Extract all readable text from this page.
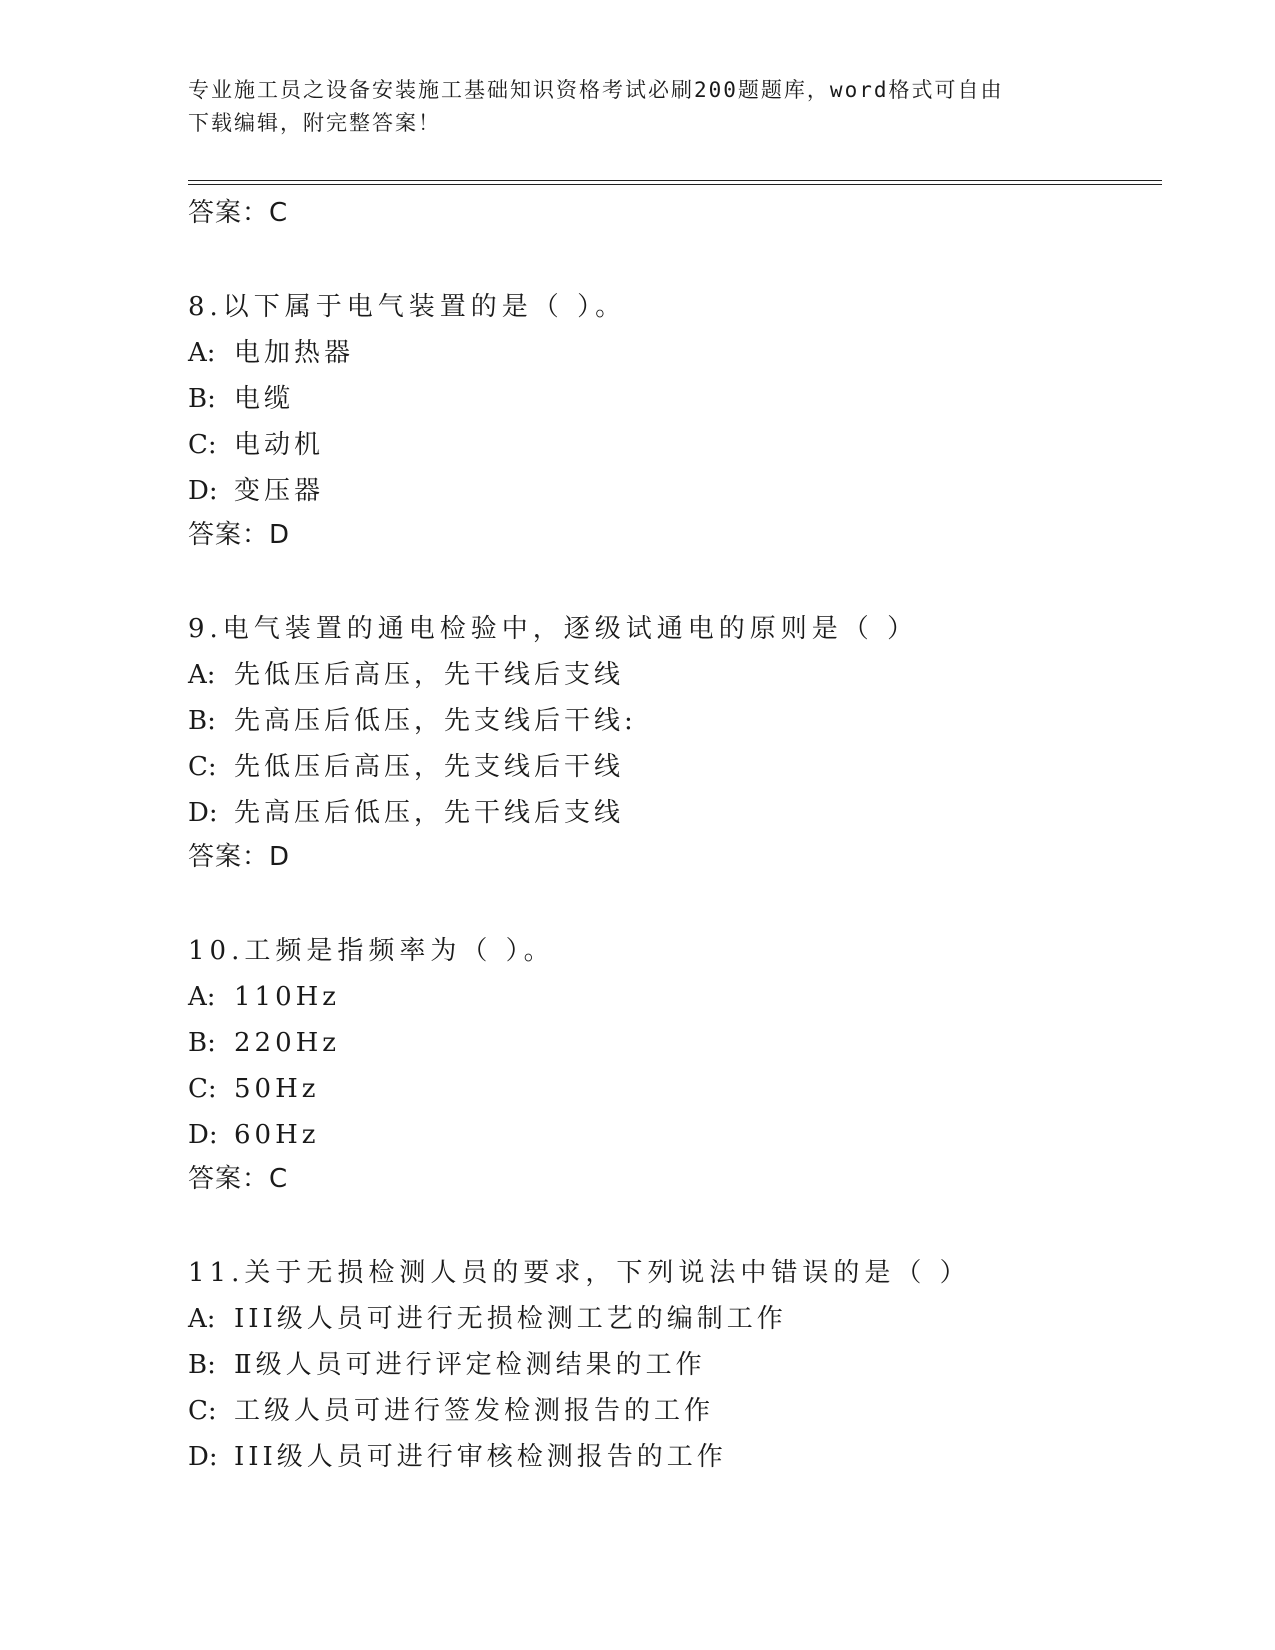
专业施工员之设备安装施工基础知识资格考试必刷200题题库，word格式可自由
下载编辑，附完整答案！
答案：C
8.以下属于电气装置的是（ ）。
A: 电加热器
B: 电缆
C: 电动机
D: 变压器
答案：D
9.电气装置的通电检验中，逐级试通电的原则是（ ）
A: 先低压后高压，先干线后支线
B: 先高压后低压，先支线后干线:
C: 先低压后高压，先支线后干线
D: 先高压后低压，先干线后支线
答案：D
10.工频是指频率为（ ）。
A: 110Hz
B: 220Hz
C: 50Hz
D: 60Hz
答案：C
11.关于无损检测人员的要求，下列说法中错误的是（ ）
A: III级人员可进行无损检测工艺的编制工作
B: Ⅱ级人员可进行评定检测结果的工作
C: 工级人员可进行签发检测报告的工作
D: III级人员可进行审核检测报告的工作
